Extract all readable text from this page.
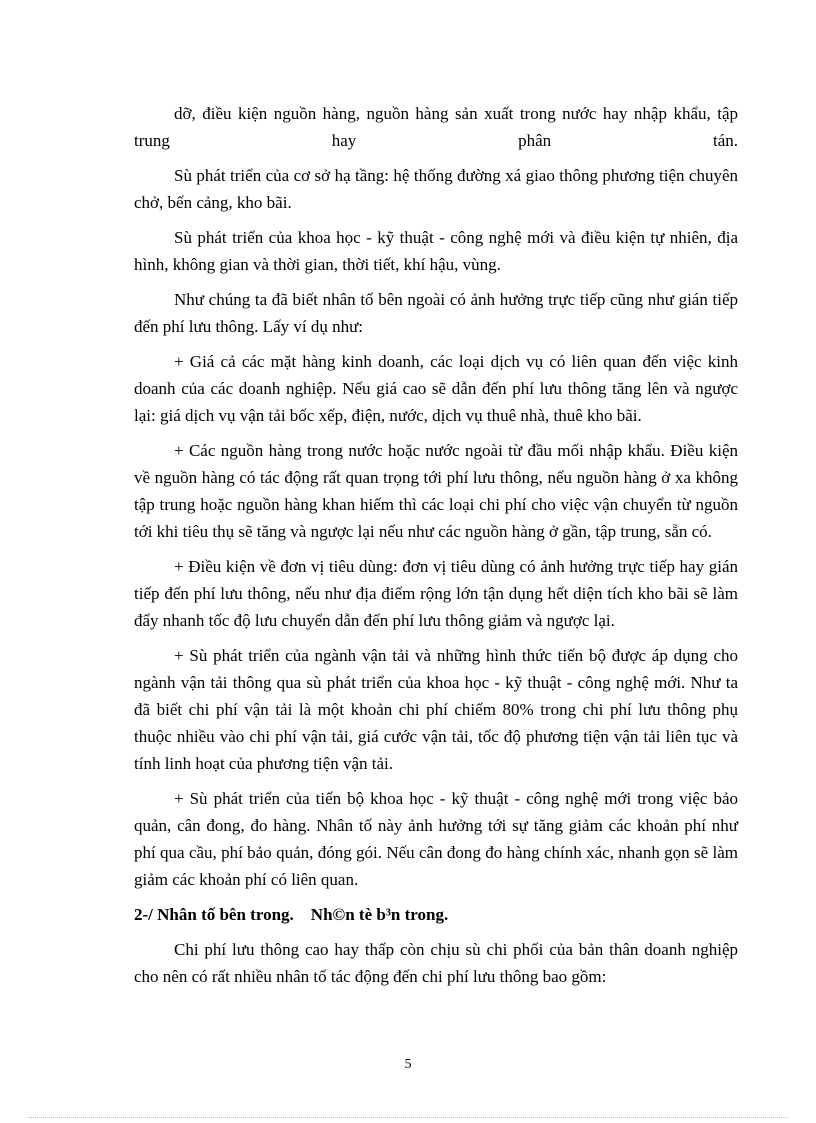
dỡ, điều kiện nguồn hàng, nguồn hàng sản xuất trong nước hay nhập khẩu, tập trung hay phân tán.

Sù phát triển của cơ sở hạ tầng: hệ thống đường xá giao thông phương tiện chuyên chở, bến cảng, kho bãi.

Sù phát triển của khoa học - kỹ thuật - công nghệ mới và điều kiện tự nhiên, địa hình, không gian và thời gian, thời tiết, khí hậu, vùng.

Như chúng ta đã biết nhân tố bên ngoài có ảnh hưởng trực tiếp cũng như gián tiếp đến phí lưu thông. Lấy ví dụ như:

+ Giá cả các mặt hàng kinh doanh, các loại dịch vụ có liên quan đến việc kinh doanh của các doanh nghiệp. Nếu giá cao sẽ dẫn đến phí lưu thông tăng lên và ngược lại: giá dịch vụ vận tải bốc xếp, điện, nước, dịch vụ thuê nhà, thuê kho bãi.

+ Các nguồn hàng trong nước hoặc nước ngoài từ đầu mối nhập khẩu. Điều kiện về nguồn hàng có tác động rất quan trọng tới phí lưu thông, nếu nguồn hàng ở xa không tập trung hoặc nguồn hàng khan hiếm thì các loại chi phí cho việc vận chuyển từ nguồn tới khi tiêu thụ sẽ tăng và ngược lại nếu như các nguồn hàng ở gần, tập trung, sẵn có.

+ Điều kiện về đơn vị tiêu dùng: đơn vị tiêu dùng có ảnh hưởng trực tiếp hay gián tiếp đến phí lưu thông, nếu như địa điểm rộng lớn tận dụng hết diện tích kho bãi sẽ làm đẩy nhanh tốc độ lưu chuyển dẫn đến phí lưu thông giảm và ngược lại.

+ Sù phát triển của ngành vận tải và những hình thức tiến bộ được áp dụng cho ngành vận tải thông qua sù phát triển của khoa học - kỹ thuật - công nghệ mới. Như ta đã biết chi phí vận tải là một khoản chi phí chiếm 80% trong chi phí lưu thông phụ thuộc nhiều vào chi phí vận tải, giá cước vận tải, tốc độ phương tiện vận tải liên tục và tính linh hoạt của phương tiện vận tải.

+ Sù phát triển của tiến bộ khoa học - kỹ thuật - công nghệ mới trong việc bảo quản, cân đong, đo hàng. Nhân tố này ảnh hưởng tới sự tăng giảm các khoản phí như phí qua cầu, phí bảo quản, đóng gói. Nếu cân đong đo hàng chính xác, nhanh gọn sẽ làm giảm các khoản phí có liên quan.

2-/ Nhân tố bên trong.    Nh©n tè b³n trong.

Chi phí lưu thông cao hay thấp còn chịu sù chi phối của bản thân doanh nghiệp cho nên có rất nhiều nhân tố tác động đến chi phí lưu thông bao gồm:

5
